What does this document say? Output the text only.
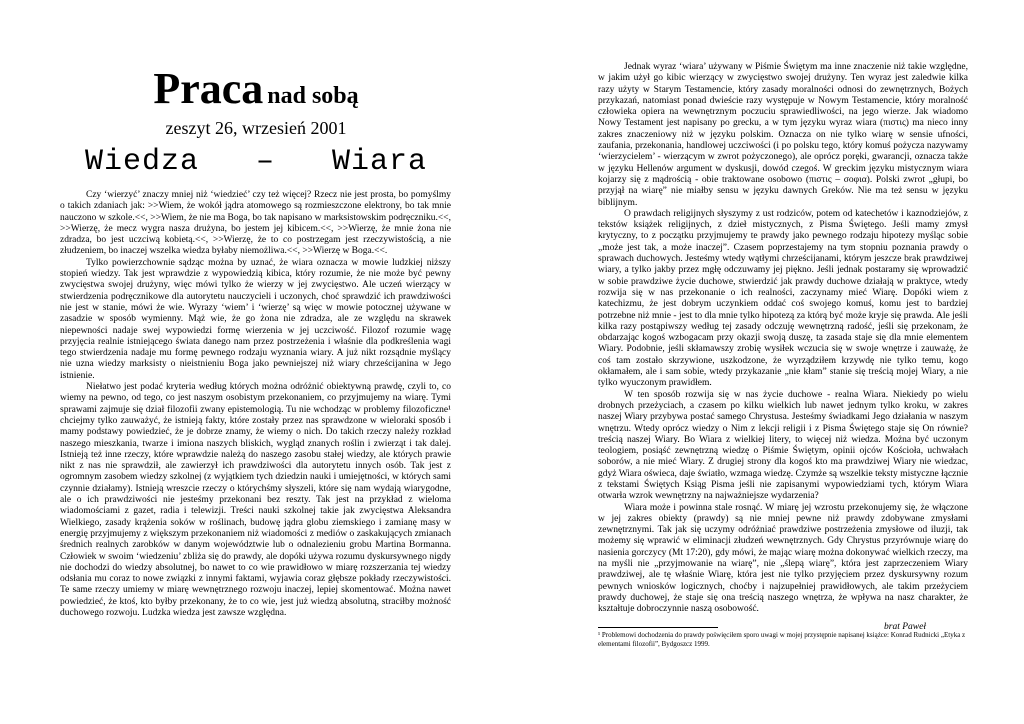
Praca nad sobą
zeszyt 26, wrzesień 2001
Wiedza   –   Wiara

Czy ‘wierzyć’ znaczy mniej niż ‘wiedzieć’ czy też więcej? Rzecz nie jest prosta, bo pomyślmy o takich zdaniach jak: >>Wiem, że wokół jądra atomowego są rozmieszczone elektrony, bo tak mnie nauczono w szkole.<<, >>Wiem, że nie ma Boga, bo tak napisano w marksistowskim podręczniku.<<, >>Wierzę, że mecz wygra nasza drużyna, bo jestem jej kibicem.<<, >>Wierzę, że mnie żona nie zdradza, bo jest uczciwą kobietą.<<, >>Wierzę, że to co postrzegam jest rzeczywistością, a nie złudzeniem, bo inaczej wszelka wiedza byłaby niemożliwa.<<, >>Wierzę w Boga.<<.

Tylko powierzchownie sądząc można by uznać, że wiara oznacza w mowie ludzkiej niższy stopień wiedzy. Tak jest wprawdzie z wypowiedzią kibica, który rozumie, że nie może być pewny zwycięstwa swojej drużyny, więc mówi tylko że wierzy w jej zwycięstwo. Ale uczeń wierzący w stwierdzenia podręcznikowe dla autorytetu nauczycieli i uczonych, choć sprawdzić ich prawdziwości nie jest w stanie, mówi że wie. Wyrazy ‘wiem’ i ‘wierzę’ są więc w mowie potocznej używane w zasadzie w sposób wymienny. Mąż wie, że go żona nie zdradza, ale ze względu na skrawek niepewności nadaje swej wypowiedzi formę wierzenia w jej uczciwość. Filozof rozumie wagę przyjęcia realnie istniejącego świata danego nam przez postrzeżenia i właśnie dla podkreślenia wagi tego stwierdzenia nadaje mu formę pewnego rodzaju wyznania wiary. A już nikt rozsądnie myślący nie uzna wiedzy marksisty o nieistnieniu Boga jako pewniejszej niż wiary chrześcijanina w Jego istnienie.

Niełatwo jest podać kryteria według których można odróżnić obiektywną prawdę, czyli to, co wiemy na pewno, od tego, co jest naszym osobistym przekonaniem, co przyjmujemy na wiarę. Tymi sprawami zajmuje się dział filozofii zwany epistemologią. Tu nie wchodząc w problemy filozoficzne¹ chciejmy tylko zauważyć, że istnieją fakty, które zostały przez nas sprawdzone w wieloraki sposób i mamy podstawy powiedzieć, że je dobrze znamy, że wiemy o nich. Do takich rzeczy należy rozkład naszego mieszkania, twarze i imiona naszych bliskich, wygląd znanych roślin i zwierząt i tak dalej. Istnieją też inne rzeczy, które wprawdzie należą do naszego zasobu stałej wiedzy, ale których prawie nikt z nas nie sprawdził, ale zawierzył ich prawdziwości dla autorytetu innych osób. Tak jest z ogromnym zasobem wiedzy szkolnej (z wyjątkiem tych dziedzin nauki i umiejętności, w których sami czynnie działamy). Istnieją wreszcie rzeczy o którychśmy słyszeli, które się nam wydają wiarygodne, ale o ich prawdziwości nie jesteśmy przekonani bez reszty. Tak jest na przykład z wieloma wiadomościami z gazet, radia i telewizji. Treści nauki szkolnej takie jak zwycięstwa Aleksandra Wielkiego, zasady krążenia soków w roślinach, budowę jądra globu ziemskiego i zamianę masy w energię przyjmujemy z większym przekonaniem niż wiadomości z mediów o zaskakujących zmianach średnich realnych zarobków w danym województwie lub o odnalezieniu grobu Martina Bormanna. Człowiek w swoim ‘wiedzeniu’ zbliża się do prawdy, ale dopóki używa rozumu dyskursywnego nigdy nie dochodzi do wiedzy absolutnej, bo nawet to co wie prawidłowo w miarę rozszerzania tej wiedzy odsłania mu coraz to nowe związki z innymi faktami, wyjawia coraz głębsze pokłady rzeczywistości. Te same rzeczy umiemy w miarę wewnętrznego rozwoju inaczej, lepiej skomentować. Można nawet powiedzieć, że ktoś, kto byłby przekonany, że to co wie, jest już wiedzą absolutną, straciłby możność duchowego rozwoju. Ludzka wiedza jest zawsze względna.

Jednak wyraz ‘wiara’ używany w Piśmie Świętym ma inne znaczenie niż takie względne, w jakim użył go kibic wierzący w zwycięstwo swojej drużyny. Ten wyraz jest zaledwie kilka razy użyty w Starym Testamencie, który zasady moralności odnosi do zewnętrznych, Bożych przykazań, natomiast ponad dwieście razy występuje w Nowym Testamencie, który moralność człowieka opiera na wewnętrznym poczuciu sprawiedliwości, na jego wierze. Jak wiadomo Nowy Testament jest napisany po grecku, a w tym języku wyraz wiara (πιστις) ma nieco inny zakres znaczeniowy niż w języku polskim. Oznacza on nie tylko wiarę w sensie ufności, zaufania, przekonania, handlowej uczciwości (i po polsku tego, który komuś pożycza nazywamy ‘wierzycielem’ - wierzącym w zwrot pożyczonego), ale oprócz poręki, gwarancji, oznacza także w języku Hellenów argument w dyskusji, dowód czegoś. W greckim języku mistycznym wiara kojarzy się z mądrością - obie traktowane osobowo (πιστις – σοφια). Polski zwrot „głupi, bo przyjął na wiarę” nie miałby sensu w języku dawnych Greków. Nie ma też sensu w języku biblijnym.

O prawdach religijnych słyszymy z ust rodziców, potem od katechetów i kaznodziejów, z tekstów książek religijnych, z dzieł mistycznych, z Pisma Świętego. Jeśli mamy zmysł krytyczny, to z początku przyjmujemy te prawdy jako pewnego rodzaju hipotezy myśląc sobie „może jest tak, a może inaczej”. Czasem poprzestajemy na tym stopniu poznania prawdy o sprawach duchowych. Jesteśmy wtedy wątłymi chrześcijanami, którym jeszcze brak prawdziwej wiary, a tylko jakby przez mgłę odczuwamy jej piękno. Jeśli jednak postaramy się wprowadzić w sobie prawdziwe życie duchowe, stwierdzić jak prawdy duchowe działają w praktyce, wtedy rozwija się w nas przekonanie o ich realności, zaczynamy mieć Wiarę. Dopóki wiem z katechizmu, że jest dobrym uczynkiem oddać coś swojego komuś, komu jest to bardziej potrzebne niż mnie - jest to dla mnie tylko hipotezą za którą być może kryje się prawda. Ale jeśli kilka razy postąpiwszy według tej zasady odczuję wewnętrzną radość, jeśli się przekonam, że obdarzając kogoś wzbogacam przy okazji swoją duszę, ta zasada staje się dla mnie elementem Wiary. Podobnie, jeśli skłamawszy zrobię wysiłek wczucia się w swoje wnętrze i zauważę, że coś tam zostało skrzywione, uszkodzone, że wyrządziłem krzywdę nie tylko temu, kogo okłamałem, ale i sam sobie, wtedy przykazanie „nie kłam” stanie się treścią mojej Wiary, a nie tylko wyuczonym prawidłem.

W ten sposób rozwija się w nas życie duchowe - realna Wiara. Niekiedy po wielu drobnych przeżyciach, a czasem po kilku wielkich lub nawet jednym tylko kroku, w zakres naszej Wiary przybywa postać samego Chrystusa. Jesteśmy świadkami Jego działania w naszym wnętrzu. Wtedy oprócz wiedzy o Nim z lekcji religii i z Pisma Świętego staje się On równie? treścią naszej Wiary. Bo Wiara z wielkiej litery, to więcej niż wiedza. Można być uczonym teologiem, posiąść zewnętrzną wiedzę o Piśmie Świętym, opinii ojców Kościoła, uchwałach soborów, a nie mieć Wiary. Z drugiej strony dla kogoś kto ma prawdziwej Wiary nie wiedzac, gdyż Wiara oświeca, daje światło, wzmaga wiedzę. Czymże są wszelkie teksty mistyczne łącznie z tekstami Świętych Ksiąg Pisma jeśli nie zapisanymi wypowiedziami tych, którym Wiara otwarła wzrok wewnętrzny na najważniejsze wydarzenia?

Wiara może i powinna stale rosnąć. W miarę jej wzrostu przekonujemy się, że włączone w jej zakres obiekty (prawdy) są nie mniej pewne niż prawdy zdobywane zmysłami zewnętrznymi. Tak jak się uczymy odróżniać prawdziwe postrzeżenia zmysłowe od iluzji, tak możemy się wprawić w eliminacji złudzeń wewnętrznych. Gdy Chrystus przyrównuje wiarę do nasienia gorczycy (Mt 17:20), gdy mówi, że mając wiarę można dokonywać wielkich rzeczy, ma na myśli nie „przyjmowanie na wiarę”, nie „ślepą wiarę”, która jest zaprzeczeniem Wiary prawdziwej, ale tę właśnie Wiarę, która jest nie tylko przyjęciem przez dyskursywny rozum pewnych wniosków logicznych, choćby i najzupełniej prawidłowych, ale takim przeżyciem prawdy duchowej, że staje się ona treścią naszego wnętrza, że wpływa na nasz charakter, że kształtuje dobroczynnie naszą osobowość.

brat Paweł
¹ Problemowi dochodzenia do prawdy poświęciłem sporo uwagi w mojej przystępnie napisanej książce: Konrad Rudnicki „Etyka z elementami filozofii”, Bydgoszcz 1999.
